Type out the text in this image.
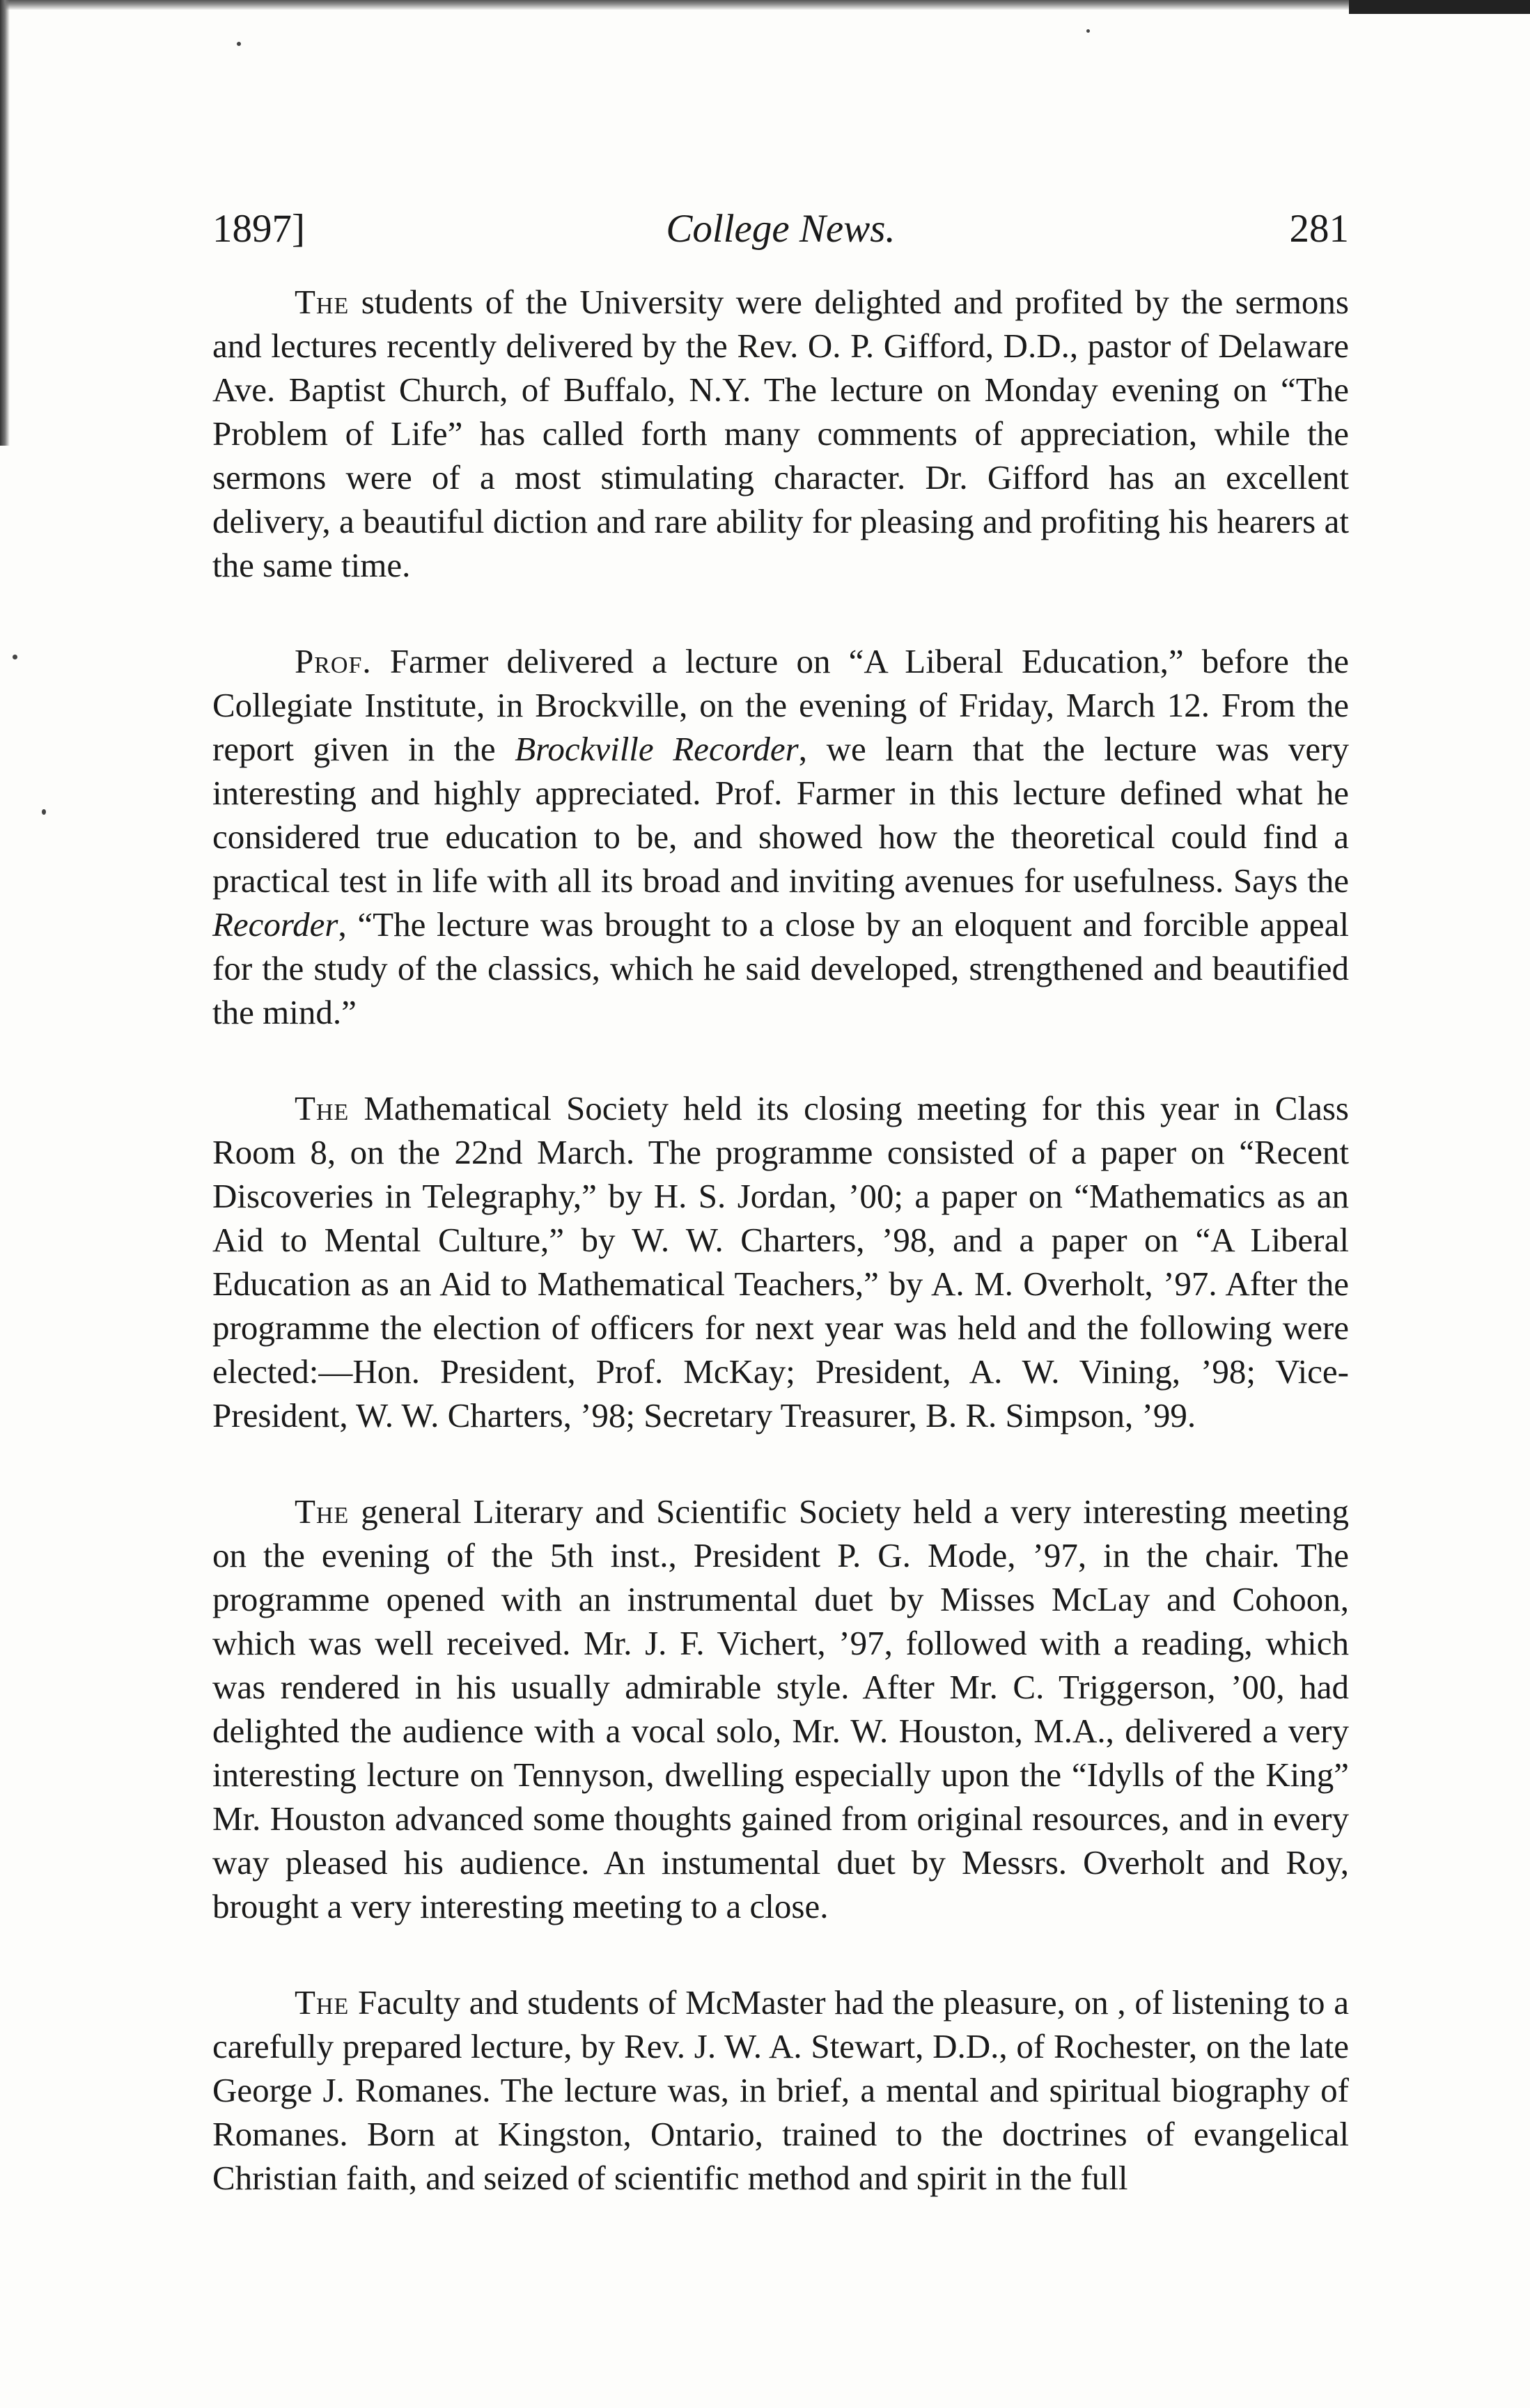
College News.
1897]	281

The students of the University were delighted and profited by the sermons and lectures recently delivered by the Rev. O. P. Gifford, D.D., pastor of Delaware Ave. Baptist Church, of Buffalo, N.Y. The lecture on Monday evening on “The Problem of Life” has called forth many comments of appreciation, while the sermons were of a most stimulating character. Dr. Gifford has an excellent delivery, a beautiful diction and rare ability for pleasing and profiting his hearers at the same time.

Prof. Farmer delivered a lecture on “A Liberal Education,” before the Collegiate Institute, in Brockville, on the evening of Friday, March 12. From the report given in the Brockville Recorder, we learn that the lecture was very interesting and highly appreciated. Prof. Farmer in this lecture defined what he considered true education to be, and showed how the theoretical could find a practical test in life with all its broad and inviting avenues for usefulness. Says the Recorder, “The lecture was brought to a close by an eloquent and forcible appeal for the study of the classics, which he said developed, strengthened and beautified the mind.”

The Mathematical Society held its closing meeting for this year in Class Room 8, on the 22nd March. The programme consisted of a paper on “Recent Discoveries in Telegraphy,” by H. S. Jordan, ’00; a paper on “Mathematics as an Aid to Mental Culture,” by W. W. Charters, ’98, and a paper on “A Liberal Education as an Aid to Mathematical Teachers,” by A. M. Overholt, ’97. After the programme the election of officers for next year was held and the following were elected:—Hon. President, Prof. McKay; President, A. W. Vining, ’98; Vice-President, W. W. Charters, ’98; Secretary Treasurer, B. R. Simpson, ’99.

The general Literary and Scientific Society held a very interesting meeting on the evening of the 5th inst., President P. G. Mode, ’97, in the chair. The programme opened with an instrumental duet by Misses McLay and Cohoon, which was well received. Mr. J. F. Vichert, ’97, followed with a reading, which was rendered in his usually admirable style. After Mr. C. Triggerson, ’00, had delighted the audience with a vocal solo, Mr. W. Houston, M.A., delivered a very interesting lecture on Tennyson, dwelling especially upon the “Idylls of the King” Mr. Houston advanced some thoughts gained from original resources, and in every way pleased his audience. An instumental duet by Messrs. Overholt and Roy, brought a very interesting meeting to a close.

The Faculty and students of McMaster had the pleasure, on , of listening to a carefully prepared lecture, by Rev. J. W. A. Stewart, D.D., of Rochester, on the late George J. Romanes. The lecture was, in brief, a mental and spiritual biography of Romanes. Born at Kingston, Ontario, trained to the doctrines of evangelical Christian faith, and seized of scientific method and spirit in the full
